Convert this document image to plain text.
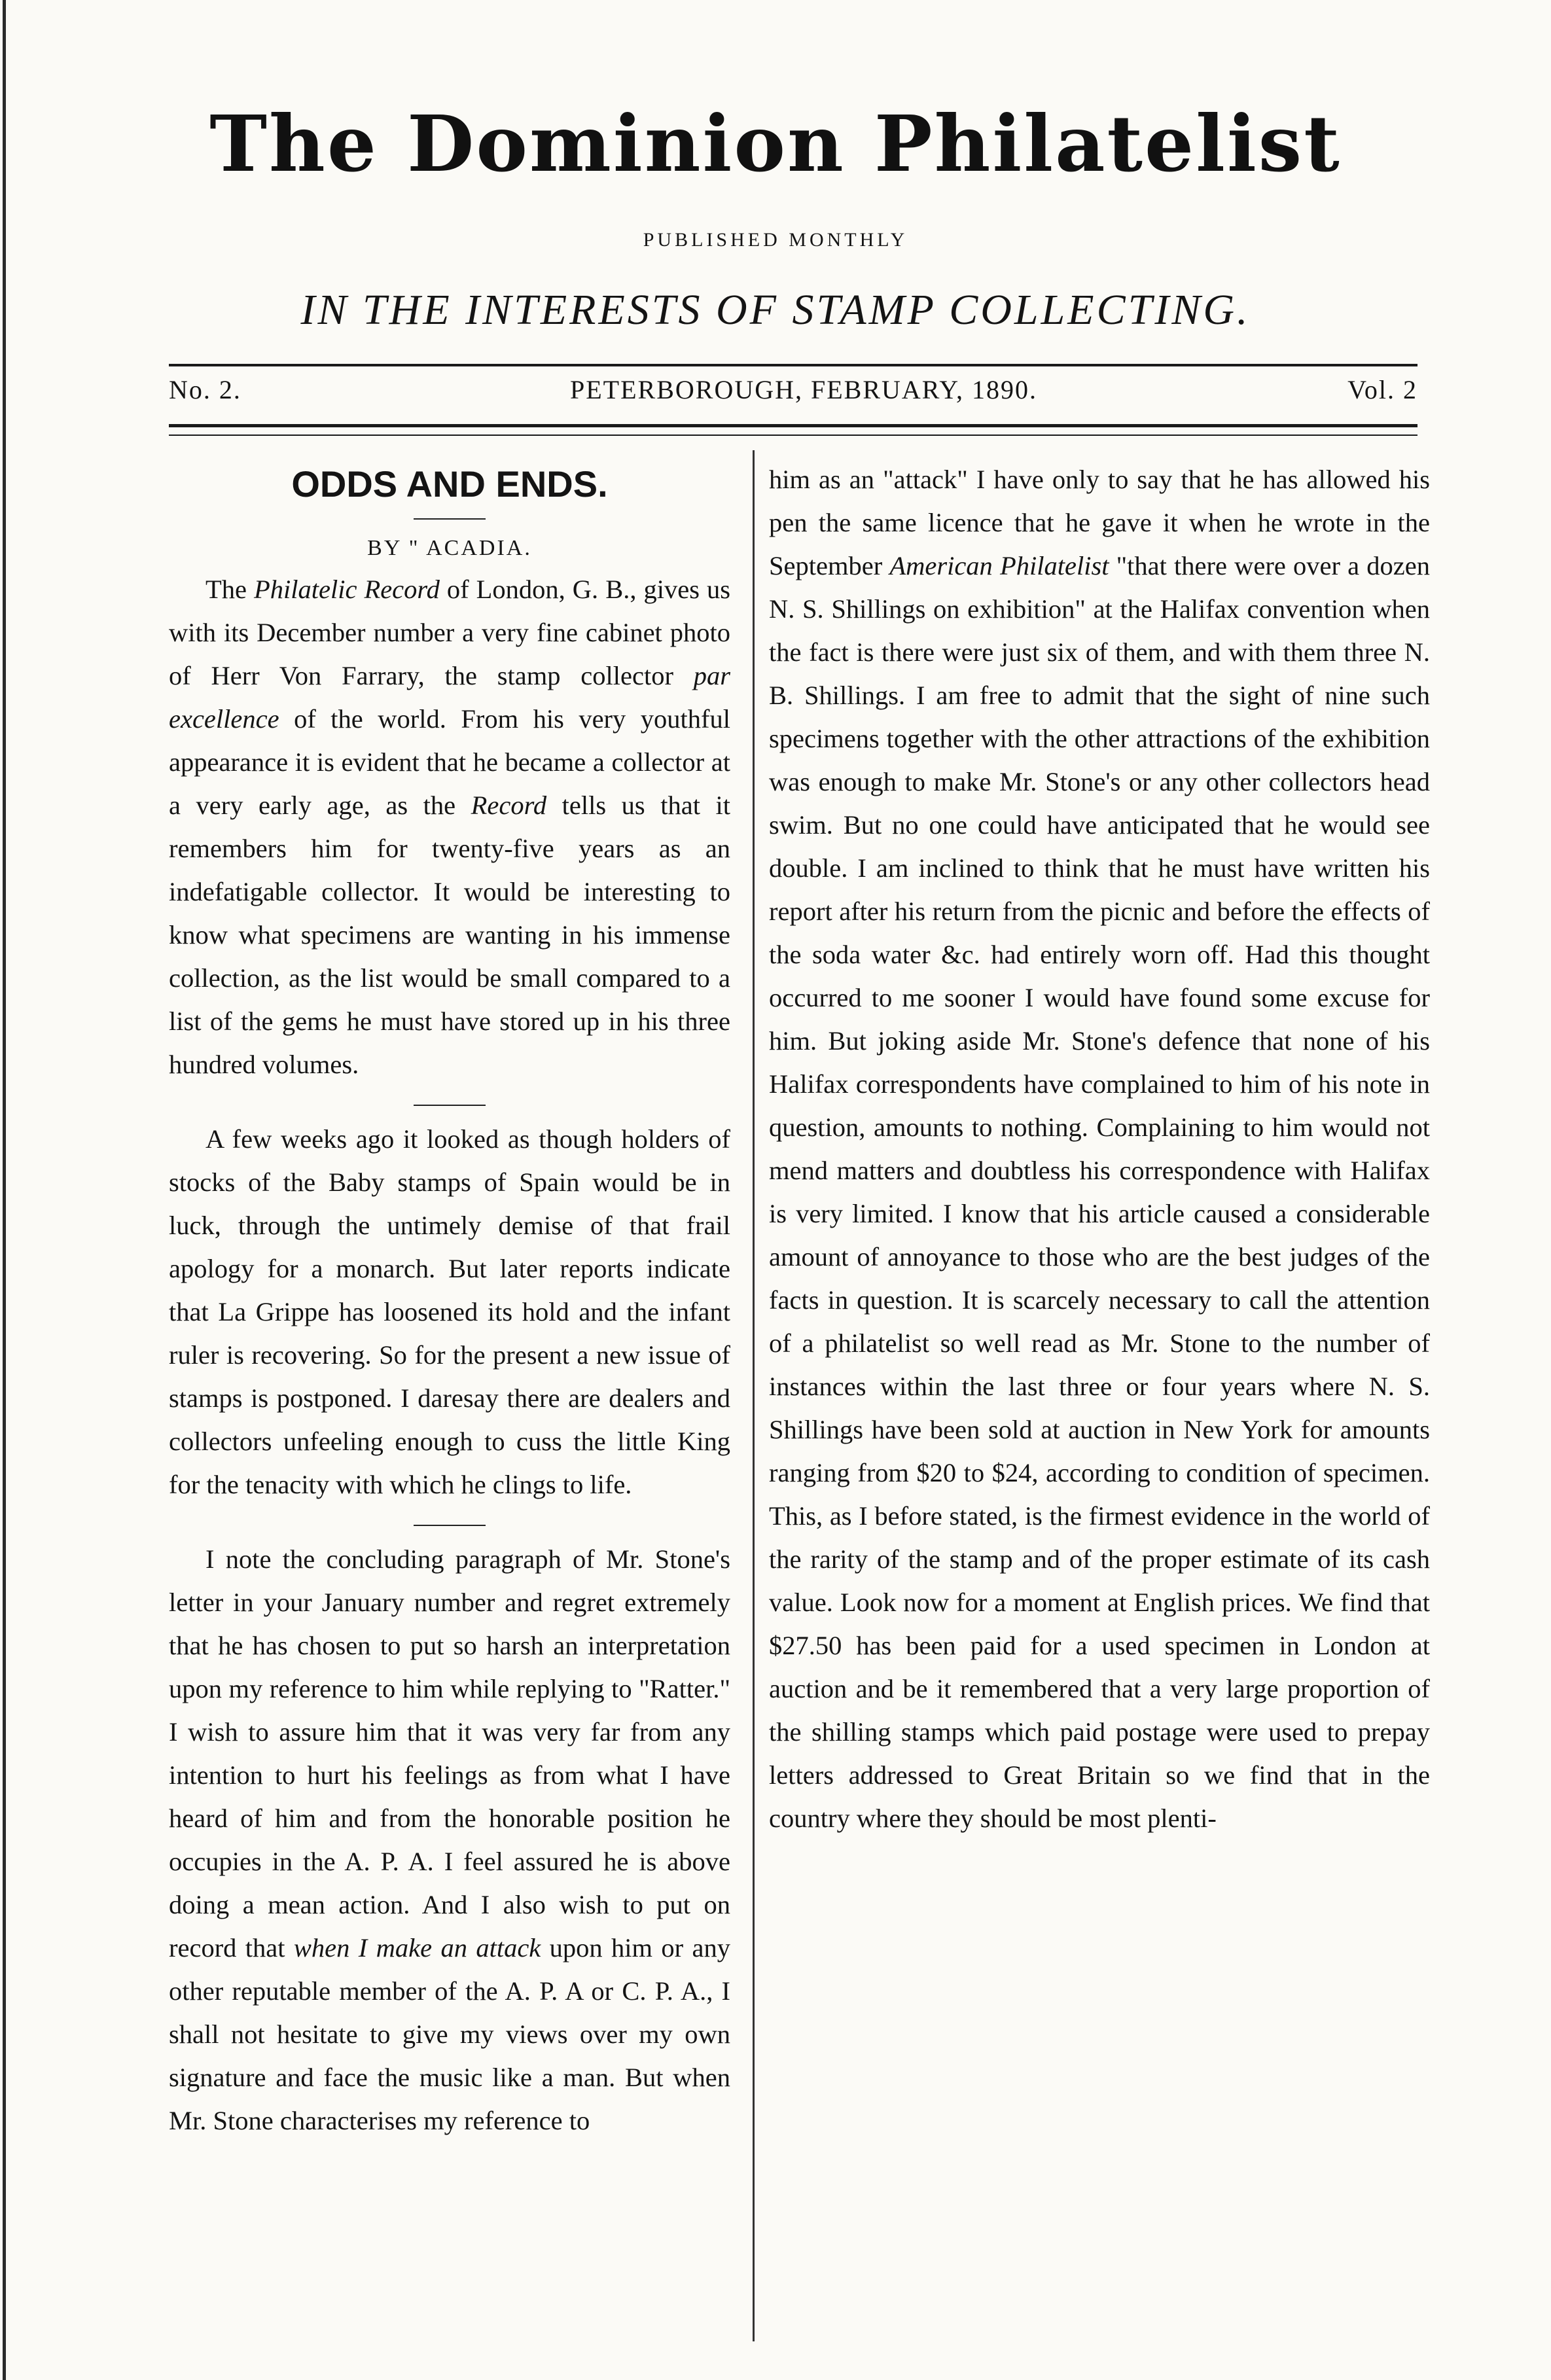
The Dominion Philatelist
PUBLISHED MONTHLY
IN THE INTERESTS OF STAMP COLLECTING.
No. 2.	PETERBOROUGH, FEBRUARY, 1890.	Vol. 2
ODDS AND ENDS.

BY " ACADIA.

The Philatelic Record of London, G. B., gives us with its December number a very fine cabinet photo of Herr Von Farrary, the stamp collector par excellence of the world. From his very youthful appearance it is evident that he became a collector at a very early age, as the Record tells us that it remembers him for twenty-five years as an indefatigable collector. It would be interesting to know what specimens are wanting in his immense collection, as the list would be small compared to a list of the gems he must have stored up in his three hundred volumes.

A few weeks ago it looked as though holders of stocks of the Baby stamps of Spain would be in luck, through the untimely demise of that frail apology for a monarch. But later reports indicate that La Grippe has loosened its hold and the infant ruler is recovering. So for the present a new issue of stamps is postponed. I daresay there are dealers and collectors unfeeling enough to cuss the little King for the tenacity with which he clings to life.

I note the concluding paragraph of Mr. Stone's letter in your January number and regret extremely that he has chosen to put so harsh an interpretation upon my reference to him while replying to "Ratter." I wish to assure him that it was very far from any intention to hurt his feelings as from what I have heard of him and from the honorable position he occupies in the A. P. A. I feel assured he is above doing a mean action. And I also wish to put on record that when I make an attack upon him or any other reputable member of the A. P. A or C. P. A., I shall not hesitate to give my views over my own signature and face the music like a man. But when Mr. Stone characterises my reference to

him as an "attack" I have only to say that he has allowed his pen the same licence that he gave it when he wrote in the September American Philatelist "that there were over a dozen N. S. Shillings on exhibition" at the Halifax convention when the fact is there were just six of them, and with them three N. B. Shillings. I am free to admit that the sight of nine such specimens together with the other attractions of the exhibition was enough to make Mr. Stone's or any other collectors head swim. But no one could have anticipated that he would see double. I am inclined to think that he must have written his report after his return from the picnic and before the effects of the soda water &c. had entirely worn off. Had this thought occurred to me sooner I would have found some excuse for him. But joking aside Mr. Stone's defence that none of his Halifax correspondents have complained to him of his note in question, amounts to nothing. Complaining to him would not mend matters and doubtless his correspondence with Halifax is very limited. I know that his article caused a considerable amount of annoyance to those who are the best judges of the facts in question. It is scarcely necessary to call the attention of a philatelist so well read as Mr. Stone to the number of instances within the last three or four years where N. S. Shillings have been sold at auction in New York for amounts ranging from $20 to $24, according to condition of specimen. This, as I before stated, is the firmest evidence in the world of the rarity of the stamp and of the proper estimate of its cash value. Look now for a moment at English prices. We find that $27.50 has been paid for a used specimen in London at auction and be it remembered that a very large proportion of the shilling stamps which paid postage were used to prepay letters addressed to Great Britain so we find that in the country where they should be most plenti-
